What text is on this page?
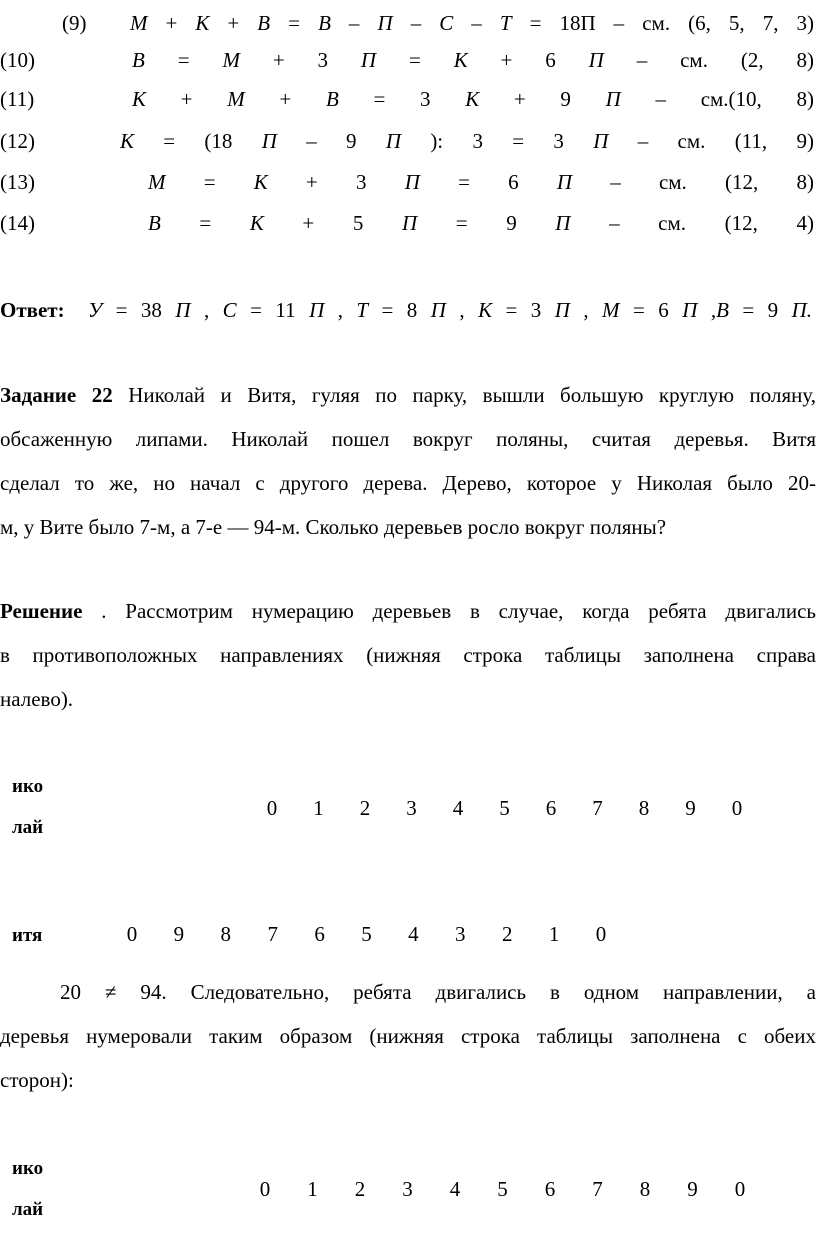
(9) М + К + В = В – П – С – Т = 18П – см. (6, 5, 7, 3)
(10)	В = М + 3 П = К + 6 П – см. (2, 8)
(11)	К + М + В = 3 К + 9 П – см.(10, 8)
(12)	К = (18 П – 9 П ): 3 = 3 П – см. (11, 9)
(13)	М = К + 3 П = 6 П – см. (12, 8)
(14)	В = К + 5 П = 9 П – см. (12, 4)
Ответ: У = 38 П , С = 11 П , Т = 8 П , К = 3 П , М = 6 П ,В = 9 П.
Задание 22 Николай и Витя, гуляя по парку, вышли большую круглую поляну,
обсаженную липами. Николай пошел вокруг поляны, считая деревья. Витя
сделал то же, но начал с другого дерева. Дерево, которое у Николая было 20-
м, у Вите было 7-м, а 7-е — 94-м. Сколько деревьев росло вокруг поляны?
Решение . Рассмотрим нумерацию деревьев в случае, когда ребята двигались
в противоположных направлениях (нижняя строка таблицы заполнена справа
налево).
ико
лай
0	1	2	3	4	5	6	7	8	9	0
итя	0	9	8	7	6	5	4	3	2	1	0
20 ≠ 94. Следовательно, ребята двигались в одном направлении, а
деревья нумеровали таким образом (нижняя строка таблицы заполнена с обеих
сторон):
ико
лай
0	1	2	3	4	5	6	7	8	9	0
